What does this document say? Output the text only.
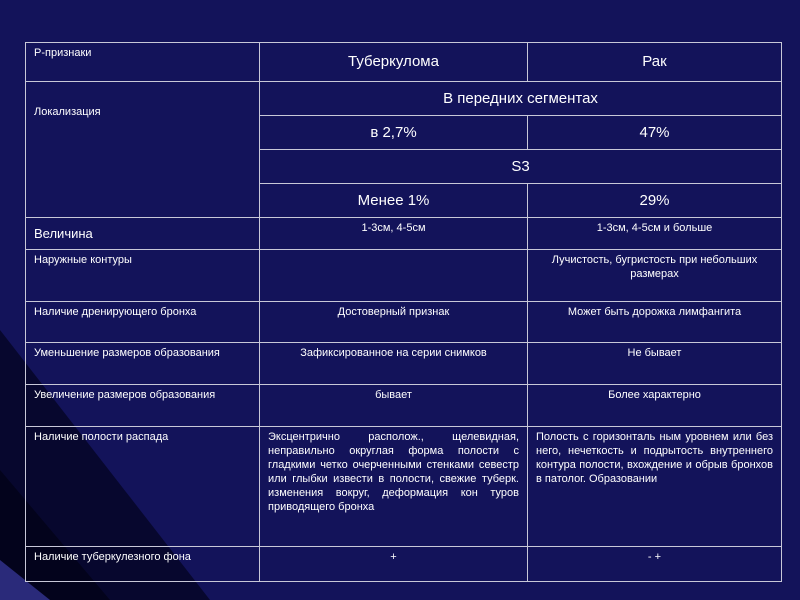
Р-признаки	Туберкулома	Рак

Локализация	В передних сегментах	
	в 2,7%	47%
	S3	
	Менее 1%	29%
Величина	1-3см, 4-5см	1-3см, 4-5см и больше
Наружные контуры		Лучистость, бугристость при небольших размерах
Наличие дренирующего бронха	Достоверный признак	Может быть дорожка лимфангита
Уменьшение размеров образования	Зафиксированное на серии снимков	Не бывает
Увеличение размеров образования	бывает	Более характерно
Наличие полости распада	Эксцентрично располож., щелевидная, неправильно округлая форма полости с гладкими четко очерченными стенками севестр или глыбки извести в полости, свежие туберк. изменения вокруг, деформация кон туров приводящего бронха	Полость с горизонталь ным уровнем или без него, нечеткость и подрытость внутреннего контура полости, вхождение и обрыв бронхов в патолог. Образовании
Наличие туберкулезного фона	+	- +
